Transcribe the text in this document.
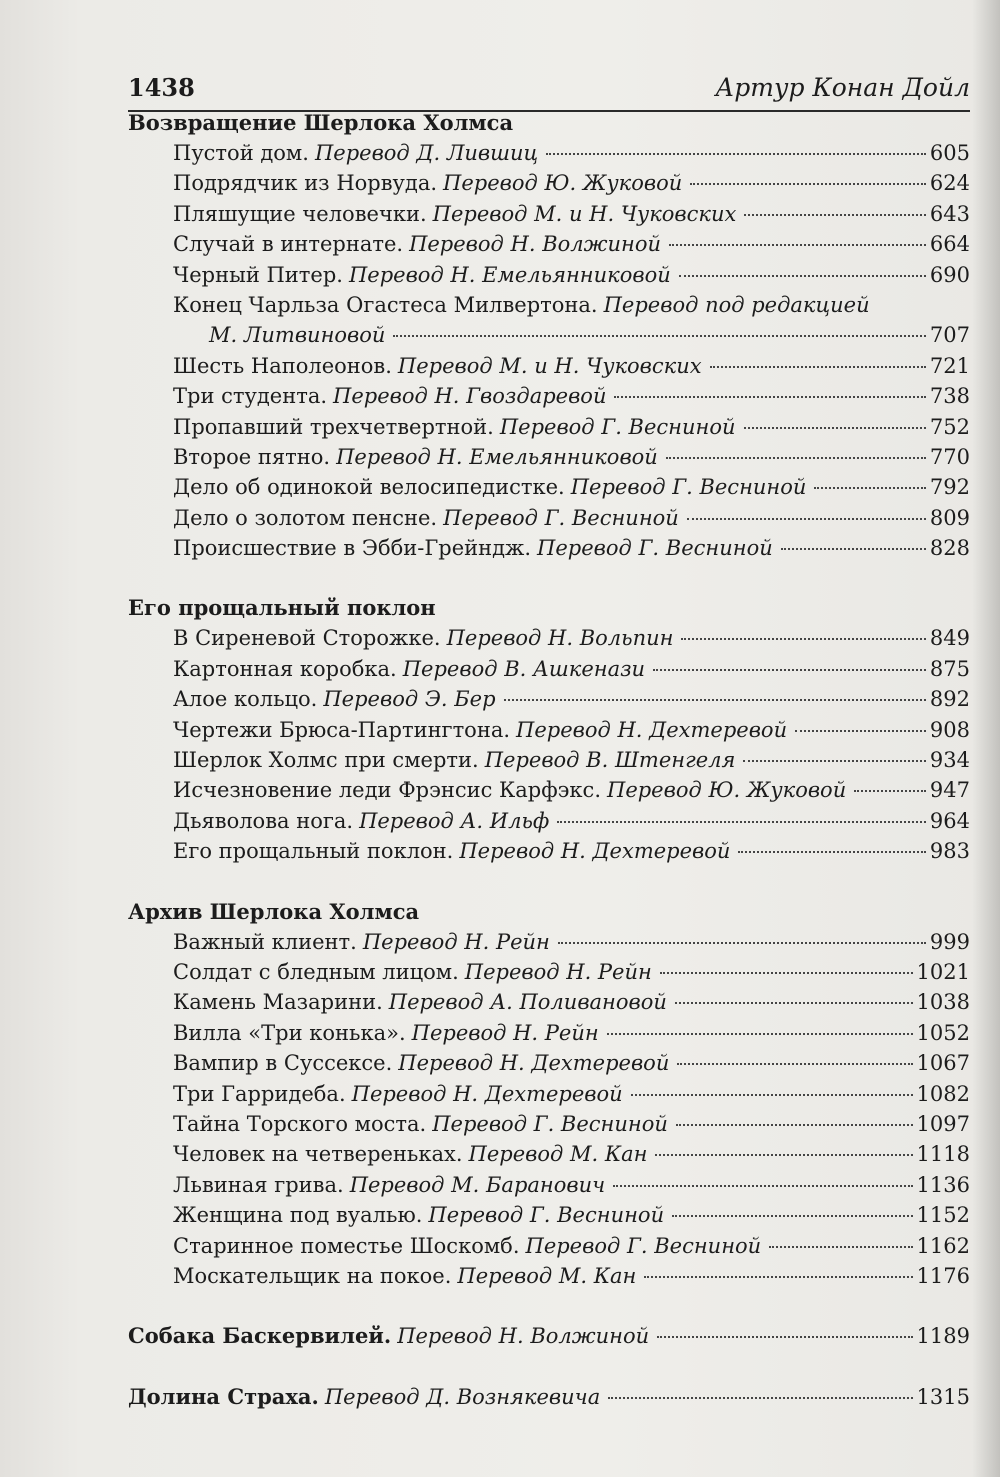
1438	Артур Конан Дойл
Возвращение Шерлока Холмса
Пустой дом. Перевод Д. Лившиц	605
Подрядчик из Норвуда. Перевод Ю. Жуковой	624
Пляшущие человечки. Перевод М. и Н. Чуковских	643
Случай в интернате. Перевод Н. Волжиной	664
Черный Питер. Перевод Н. Емельянниковой	690
Конец Чарльза Огастеса Милвертона. Перевод под редакцией
М. Литвиновой	707
Шесть Наполеонов. Перевод М. и Н. Чуковских	721
Три студента. Перевод Н. Гвоздаревой	738
Пропавший трехчетвертной. Перевод Г. Весниной	752
Второе пятно. Перевод Н. Емельянниковой	770
Дело об одинокой велосипедистке. Перевод Г. Весниной	792
Дело о золотом пенсне. Перевод Г. Весниной	809
Происшествие в Эбби-Грейндж. Перевод Г. Весниной	828
Его прощальный поклон
В Сиреневой Сторожке. Перевод Н. Вольпин	849
Картонная коробка. Перевод В. Ашкенази	875
Алое кольцо. Перевод Э. Бер	892
Чертежи Брюса-Партингтона. Перевод Н. Дехтеревой	908
Шерлок Холмс при смерти. Перевод В. Штенгеля	934
Исчезновение леди Фрэнсис Карфэкс. Перевод Ю. Жуковой	947
Дьяволова нога. Перевод А. Ильф	964
Его прощальный поклон. Перевод Н. Дехтеревой	983
Архив Шерлока Холмса
Важный клиент. Перевод Н. Рейн	999
Солдат с бледным лицом. Перевод Н. Рейн	1021
Камень Мазарини. Перевод А. Поливановой	1038
Вилла «Три конька». Перевод Н. Рейн	1052
Вампир в Суссексе. Перевод Н. Дехтеревой	1067
Три Гарридеба. Перевод Н. Дехтеревой	1082
Тайна Торского моста. Перевод Г. Весниной	1097
Человек на четвереньках. Перевод М. Кан	1118
Львиная грива. Перевод М. Баранович	1136
Женщина под вуалью. Перевод Г. Весниной	1152
Старинное поместье Шоскомб. Перевод Г. Весниной	1162
Москательщик на покое. Перевод М. Кан	1176
Собака Баскервилей. Перевод Н. Волжиной	1189
Долина Страха. Перевод Д. Вознякевича	1315
